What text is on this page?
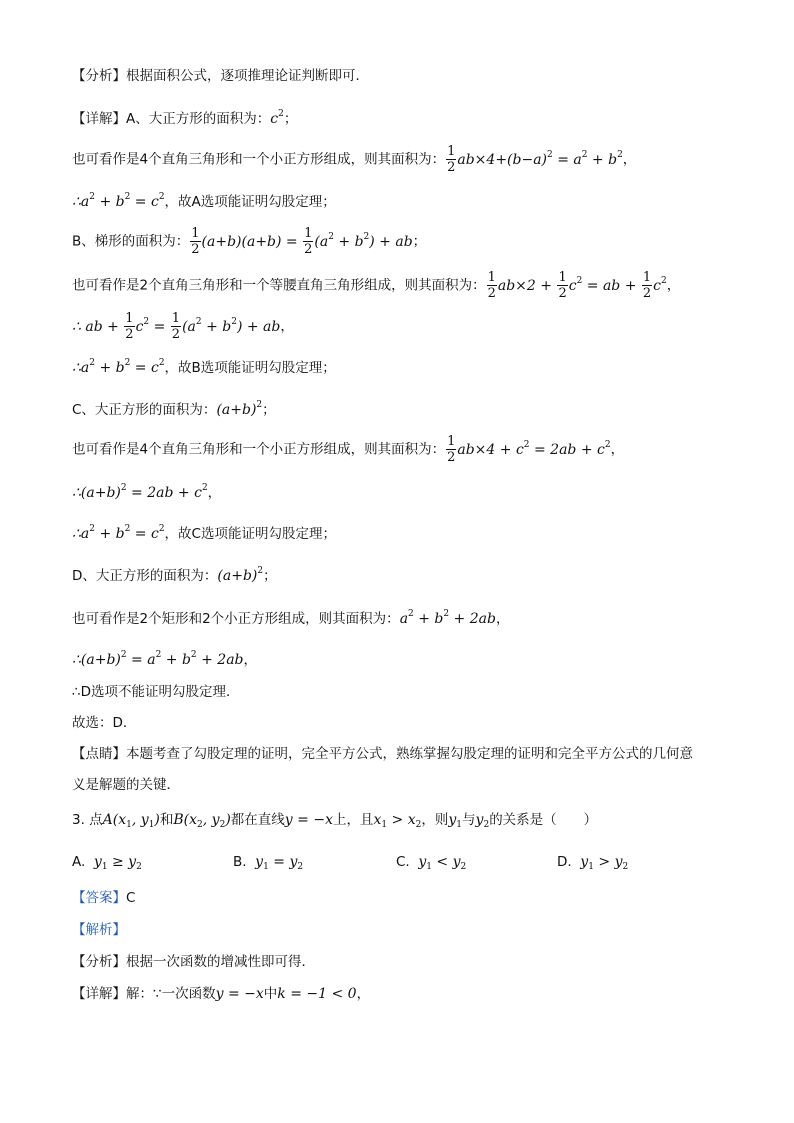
【分析】根据面积公式，逐项推理论证判断即可．
【详解】A、大正方形的面积为：$c^2$；
也可看作是4个直角三角形和一个小正方形组成，则其面积为： $\frac{1}{2} ab\times 4+(b-a)^2 = a^2 + b^2$，
$\therefore a^2 + b^2 = c^2$，故A选项能证明勾股定理；
B、梯形的面积为： $\frac{1}{2} (a+b)(a+b) = \frac{1}{2} (a^2 + b^2)$ + ab；
也可看作是2个直角三角形和一个等腰直角三角形组成，则其面积为： $\frac{1}{2} ab\times 2 + \frac{1}{2} c^2$ = ab + $\frac{1}{2} c^2$，
∴ ab + $\frac{1}{2} c^2 = \frac{1}{2} (a^2 + b^2)$ + ab，
$\therefore a^2 + b^2 = c^2$，故B选项能证明勾股定理；
C、大正方形的面积为：$(a+b)^2$；
也可看作是4个直角三角形和一个小正方形组成，则其面积为： $\frac{1}{2} ab\times 4 + c^2 = 2ab + c^2$，
$\therefore(a+b)^2 = 2ab + c^2$，
$\therefore a^2 + b^2 = c^2$，故C选项能证明勾股定理；
D、大正方形的面积为：$(a+b)^2$；
也可看作是2个矩形和2个小正方形组成，则其面积为：$a^2 + b^2 + 2ab$，
$\therefore(a+b)^2 = a^2 + b^2 + 2ab$，
∴D选项不能证明勾股定理．
故选：D．
【点睛】本题考查了勾股定理的证明，完全平方公式，熟练掌握勾股定理的证明和完全平方公式的几何意
义是解题的关键．
3. 点$A(x_1$, $y_1$)和$B(x_2$, $y_2$)都在直线y = −x上，且$x_1 > x_2$，则$y_1$与$y_2$的关系是（　　）
A. $y_1 \ge y_2$	B. $y_1 = y_2$	C. $y_1 < y_2$	D. $y_1 > y_2$
【答案】C
【解析】
【分析】根据一次函数的增减性即可得．
【详解】解：∵一次函数y = −x中k = −1 < 0，
